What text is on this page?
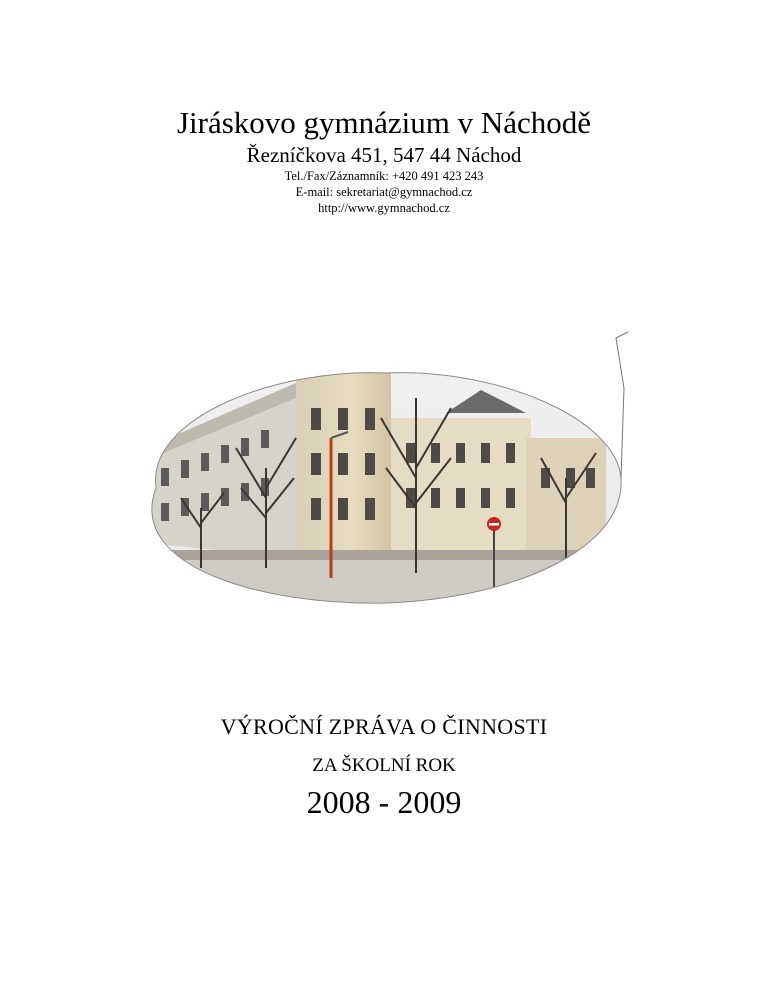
Jiráskovo gymnázium v Náchodě

Řezníčkova 451, 547 44 Náchod

Tel./Fax/Záznamník: +420 491 423 243

E-mail: sekretariat@gymnachod.cz

http://www.gymnachod.cz

VÝROČNÍ ZPRÁVA O ČINNOSTI
ZA ŠKOLNÍ ROK
2008 - 2009
